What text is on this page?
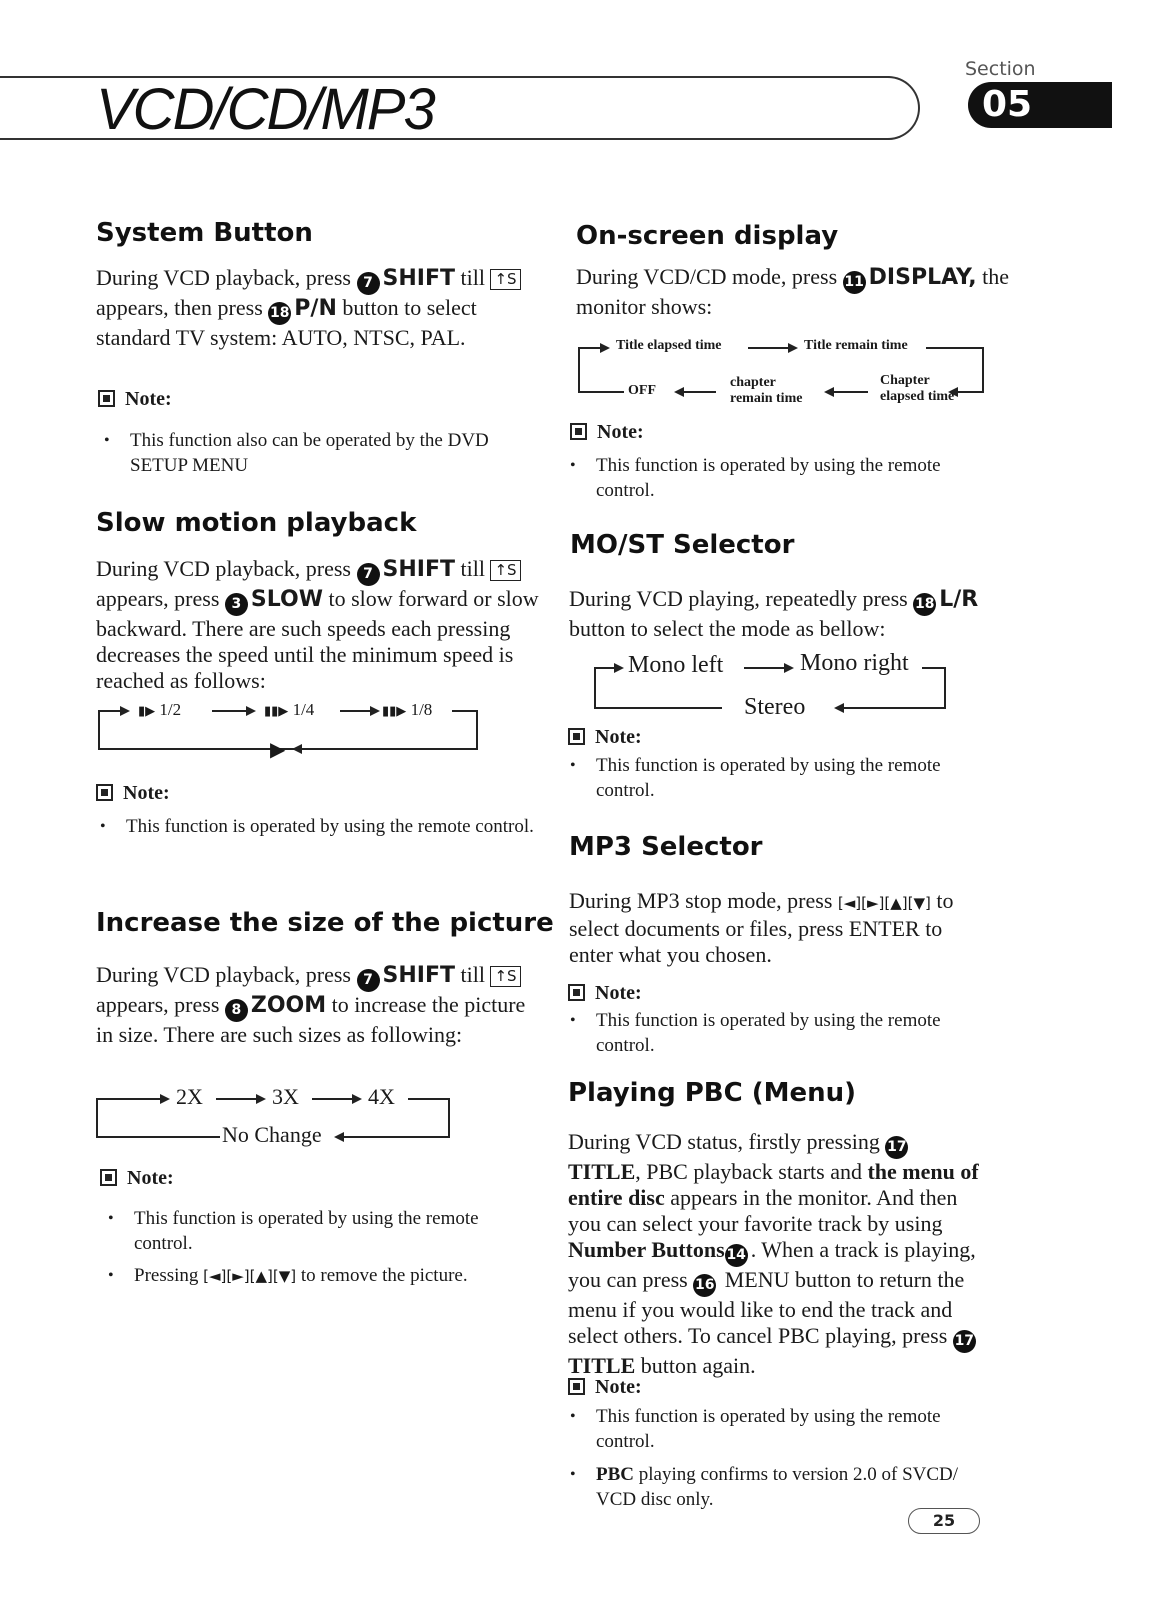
VCD/CD/MP3
Section
05
System Button
During VCD playback, press 7 SHIFT till ↑S appears, then press 18 P/N button to select standard TV system: AUTO, NTSC, PAL.
Note:
• This function also can be operated by the DVD SETUP MENU
Slow motion playback
During VCD playback, press 7 SHIFT till ↑S appears, press 3 SLOW to slow forward or slow backward. There are such speeds each pressing decreases the speed until the minimum speed is reached as follows:
▮▶ 1/2	▮▮▶ 1/4	▮▮▶ 1/8
▶
Note:
• This function is operated by using the remote control.
Increase the size of the picture
During VCD playback, press 7 SHIFT till ↑S appears, press 8 ZOOM to increase the picture in size. There are such sizes as following:
2X	3X	4X
No Change
Note:
• This function is operated by using the remote control.
• Pressing [◄][►][▲][▼] to remove the picture.
On-screen display
During VCD/CD mode, press 11 DISPLAY, the monitor shows:
Title elapsed time	Title remain time
Chapter
elapsed time
chapter
remain time
OFF
Note:
• This function is operated by using the remote control.
MO/ST Selector
During VCD playing, repeatedly press 18 L/R button to select the mode as bellow:
Mono left	Mono right
Stereo
Note:
• This function is operated by using the remote control.
MP3 Selector
During MP3 stop mode, press [◄][►][▲][▼] to select documents or files, press ENTER to enter what you chosen.
Note:
• This function is operated by using the remote control.
Playing PBC (Menu)
During VCD status, firstly pressing 17 TITLE, PBC playback starts and the menu of entire disc appears in the monitor. And then you can select your favorite track by using Number Buttons 14 . When a track is playing, you can press 16 MENU button to return the menu if you would like to end the track and select others. To cancel PBC playing, press 17 TITLE button again.
Note:
• This function is operated by using the remote control.
• PBC playing confirms to version 2.0 of SVCD/ VCD disc only.
25
